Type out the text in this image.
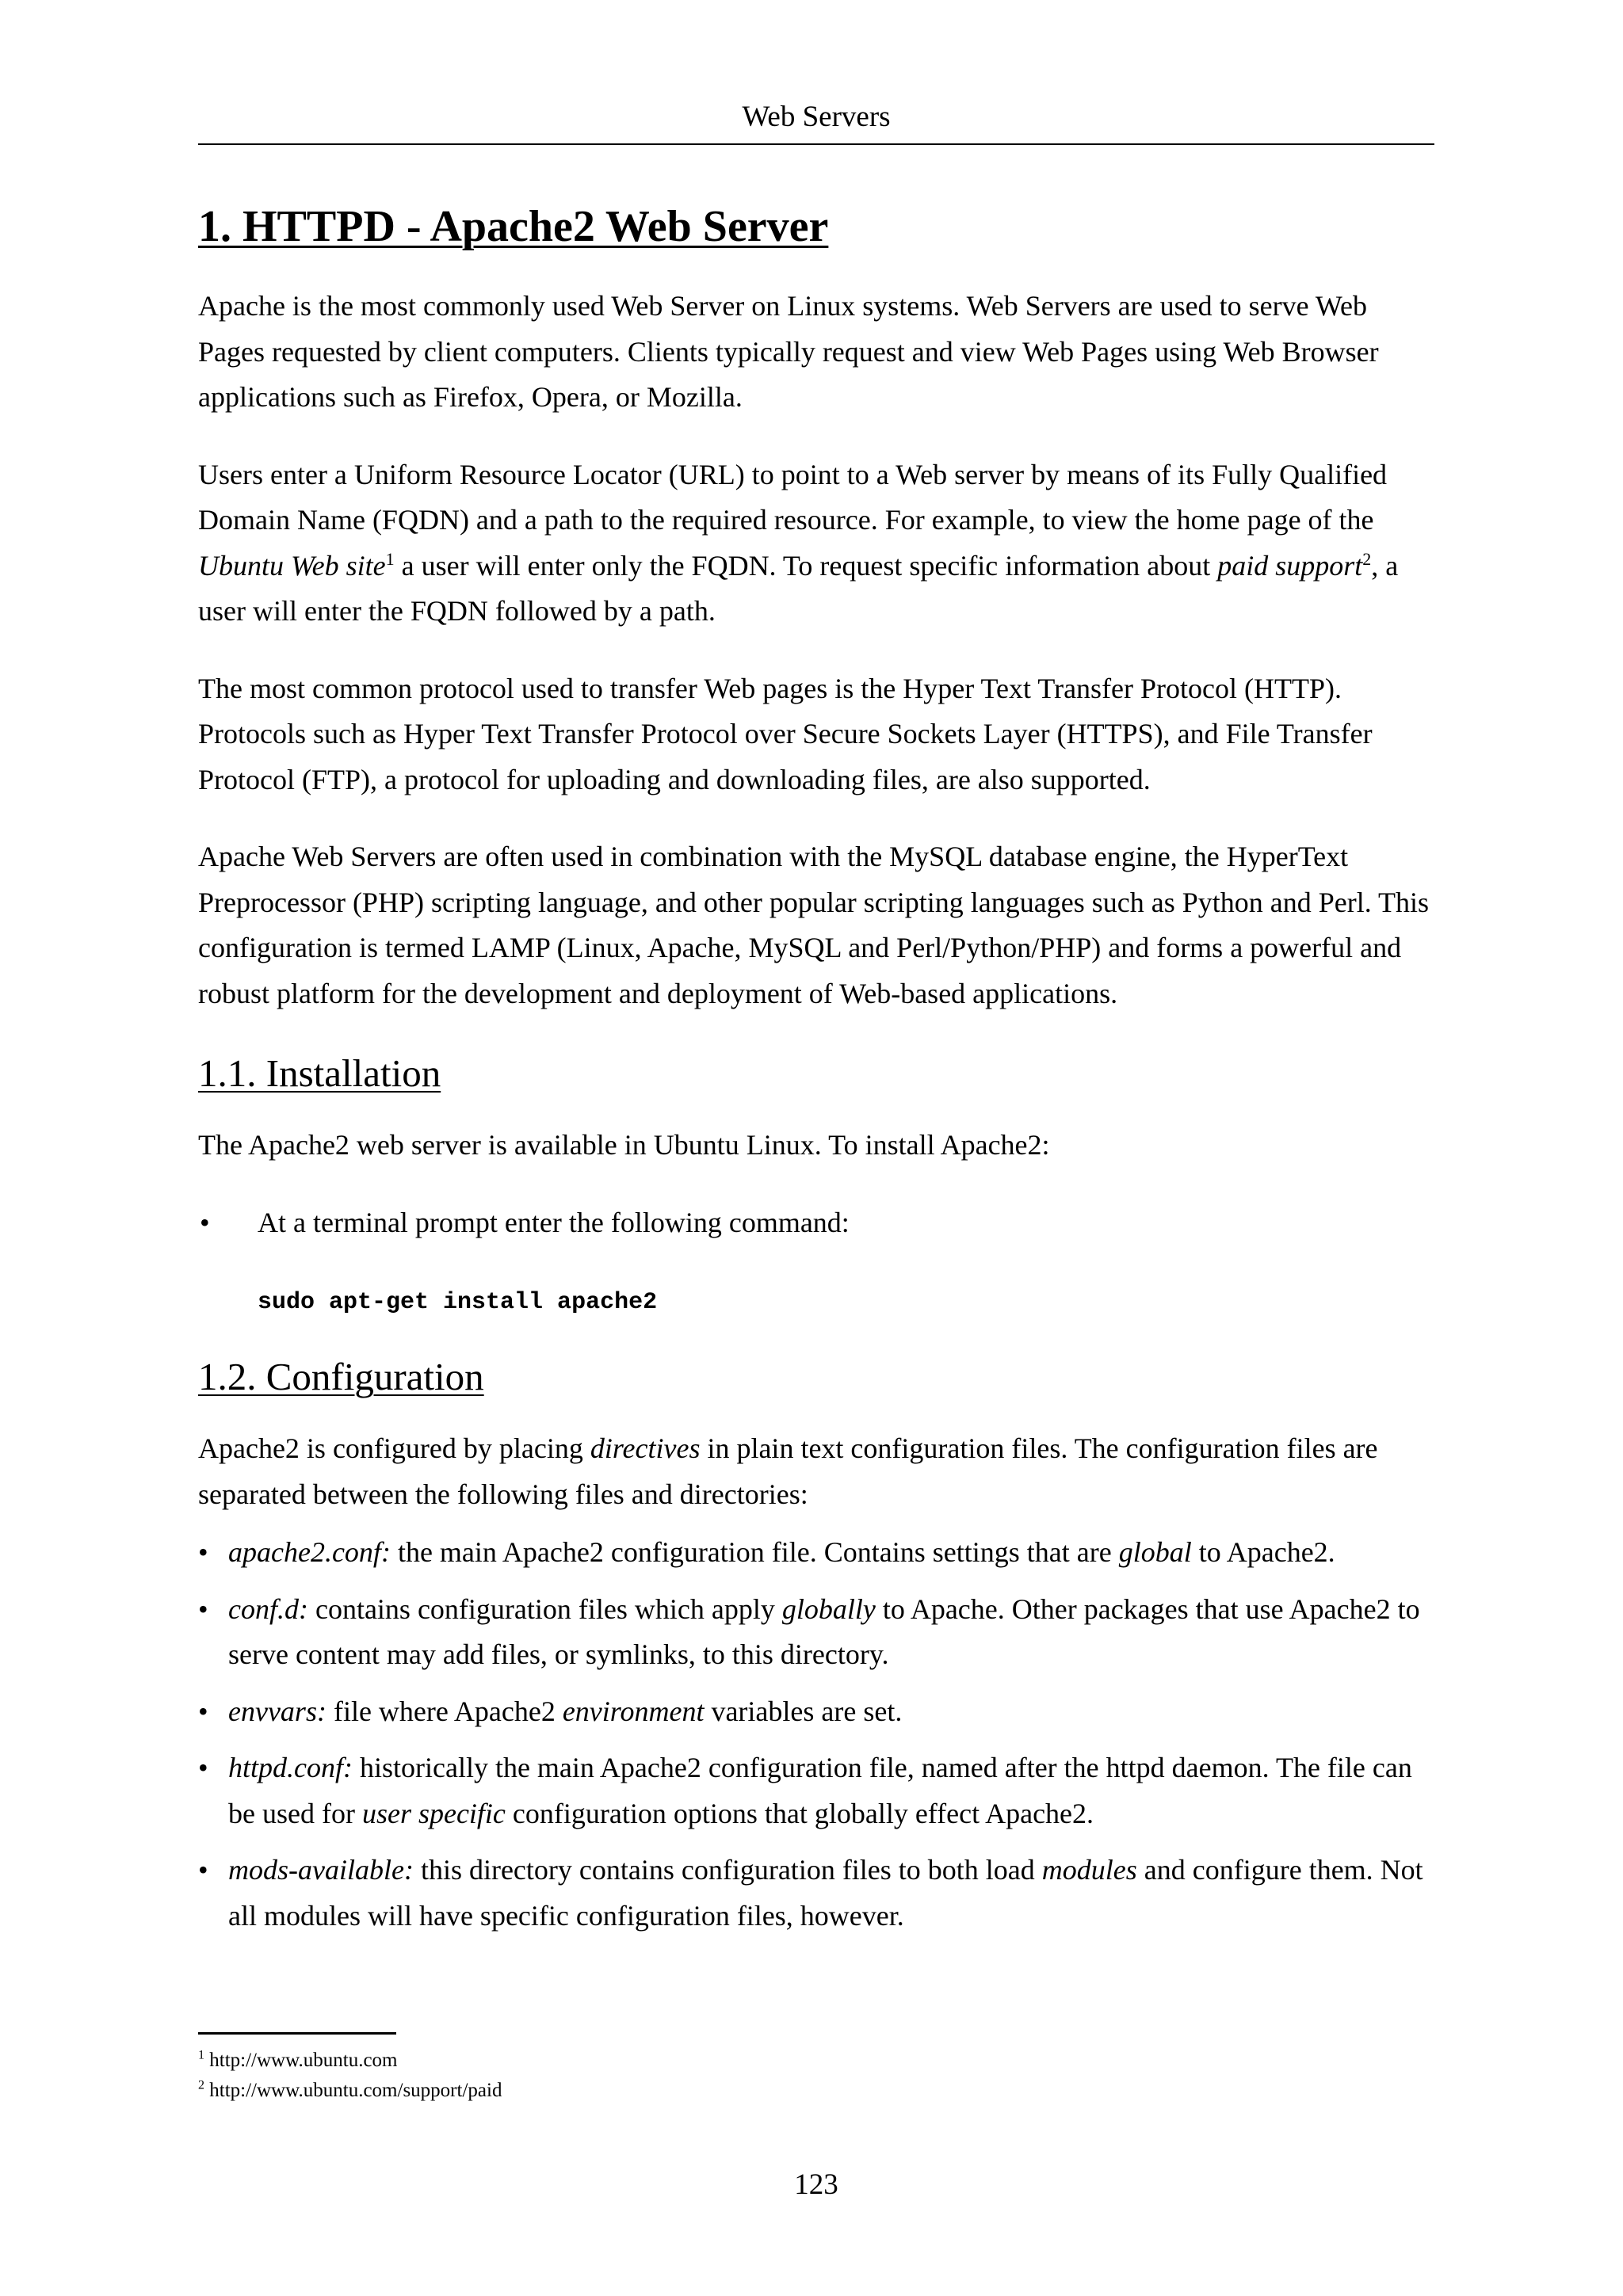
Web Servers
1. HTTPD - Apache2 Web Server

Apache is the most commonly used Web Server on Linux systems. Web Servers are used to serve Web Pages requested by client computers. Clients typically request and view Web Pages using Web Browser applications such as Firefox, Opera, or Mozilla.

Users enter a Uniform Resource Locator (URL) to point to a Web server by means of its Fully Qualified Domain Name (FQDN) and a path to the required resource. For example, to view the home page of the Ubuntu Web site$^1$ a user will enter only the FQDN. To request specific information about paid support$^2$, a user will enter the FQDN followed by a path.

The most common protocol used to transfer Web pages is the Hyper Text Transfer Protocol (HTTP). Protocols such as Hyper Text Transfer Protocol over Secure Sockets Layer (HTTPS), and File Transfer Protocol (FTP), a protocol for uploading and downloading files, are also supported.

Apache Web Servers are often used in combination with the MySQL database engine, the HyperText Preprocessor (PHP) scripting language, and other popular scripting languages such as Python and Perl. This configuration is termed LAMP (Linux, Apache, MySQL and Perl/Python/PHP) and forms a powerful and robust platform for the development and deployment of Web-based applications.

1.1. Installation

The Apache2 web server is available in Ubuntu Linux. To install Apache2:

• At a terminal prompt enter the following command:
sudo apt-get install apache2
1.2. Configuration

Apache2 is configured by placing directives in plain text configuration files. The configuration files are separated between the following files and directories:

• apache2.conf: the main Apache2 configuration file. Contains settings that are global to Apache2.
• conf.d: contains configuration files which apply globally to Apache. Other packages that use Apache2 to serve content may add files, or symlinks, to this directory.
• envvars: file where Apache2 environment variables are set.
• httpd.conf: historically the main Apache2 configuration file, named after the httpd daemon. The file can be used for user specific configuration options that globally effect Apache2.
• mods-available: this directory contains configuration files to both load modules and configure them. Not all modules will have specific configuration files, however.
$^1$ http://www.ubuntu.com
$^2$ http://www.ubuntu.com/support/paid
123
